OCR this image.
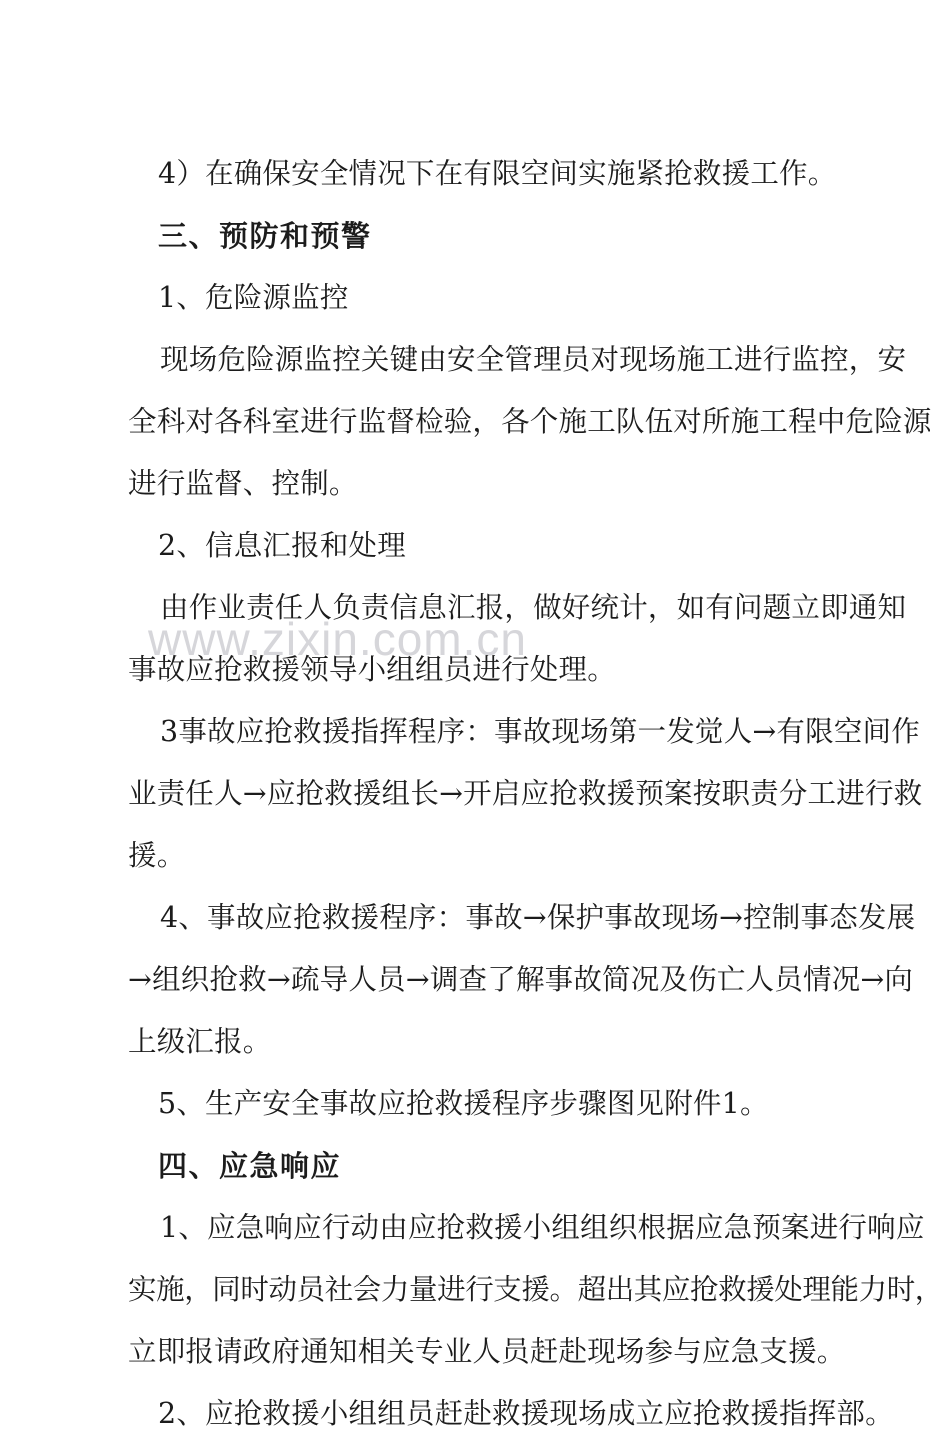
www.zixin.com.cn
4）在确保安全情况下在有限空间实施紧抢救援工作。
三、预防和预警
1、危险源监控
现场危险源监控关键由安全管理员对现场施工进行监控，安
全科对各科室进行监督检验，各个施工队伍对所施工程中危险源
进行监督、控制。
2、信息汇报和处理
由作业责任人负责信息汇报，做好统计，如有问题立即通知
事故应抢救援领导小组组员进行处理。
3事故应抢救援指挥程序：事故现场第一发觉人→有限空间作
业责任人→应抢救援组长→开启应抢救援预案按职责分工进行救
援。
4、事故应抢救援程序：事故→保护事故现场→控制事态发展
→组织抢救→疏导人员→调查了解事故简况及伤亡人员情况→向
上级汇报。
5、生产安全事故应抢救援程序步骤图见附件1。
四、应急响应
1、应急响应行动由应抢救援小组组织根据应急预案进行响应
实施，同时动员社会力量进行支援。超出其应抢救援处理能力时，
立即报请政府通知相关专业人员赶赴现场参与应急支援。
2、应抢救援小组组员赶赴救援现场成立应抢救援指挥部。
